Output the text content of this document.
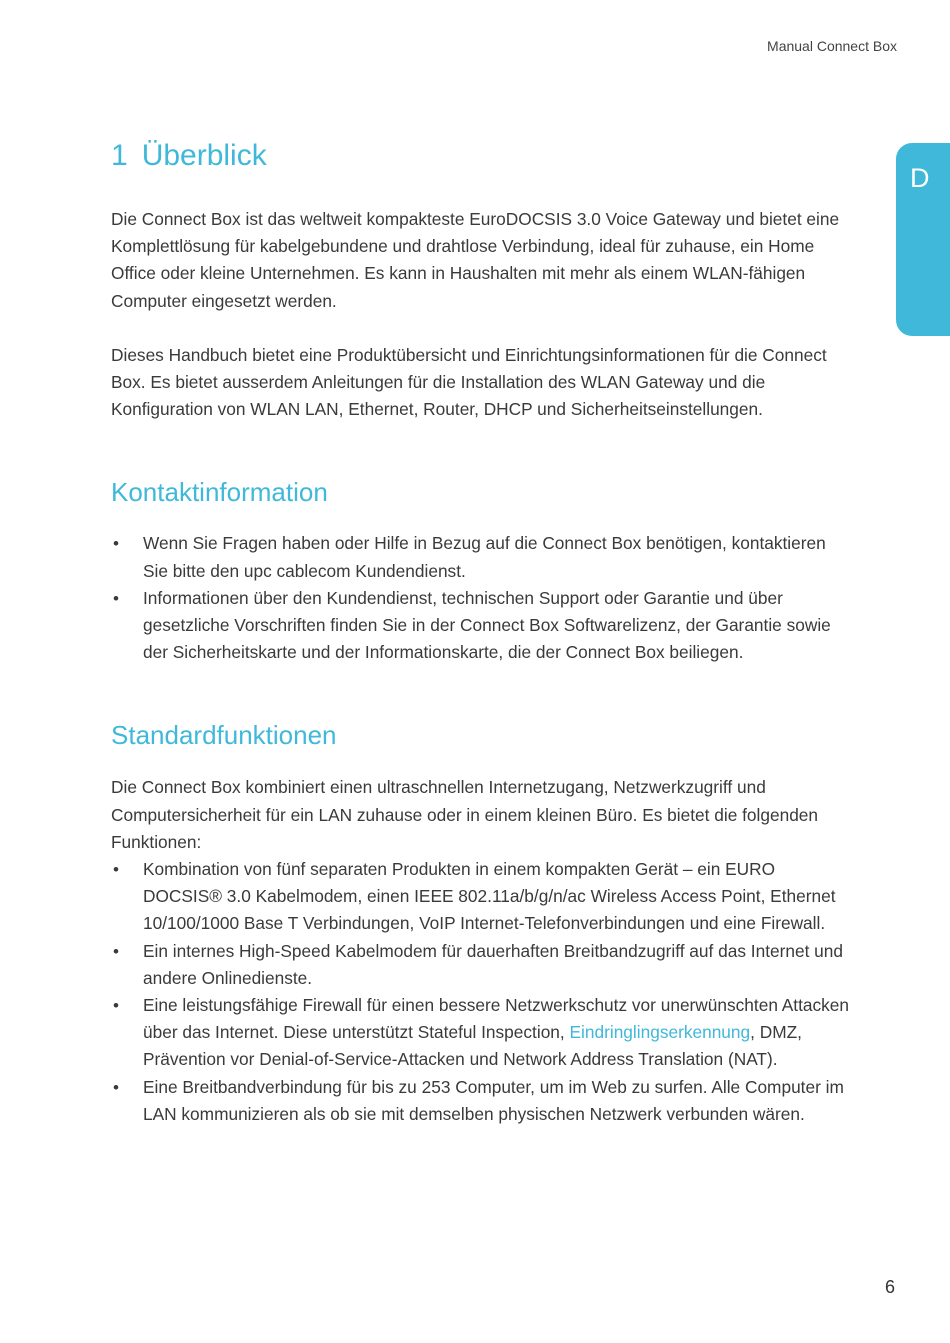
Manual Connect Box
D
1 Überblick

Die Connect Box ist das weltweit kompakteste EuroDOCSIS 3.0 Voice Gateway und bietet eine Komplettlösung für kabelgebundene und drahtlose Verbindung, ideal für zuhause, ein Home Office oder kleine Unternehmen. Es kann in Haushalten mit mehr als einem WLAN-fähigen Computer eingesetzt werden.

Dieses Handbuch bietet eine Produktübersicht und Einrichtungsinformationen für die Connect Box. Es bietet ausserdem Anleitungen für die Installation des WLAN Gateway und die Konfiguration von WLAN LAN, Ethernet, Router, DHCP und Sicherheitseinstellungen.

Kontaktinformation
• Wenn Sie Fragen haben oder Hilfe in Bezug auf die Connect Box benötigen, kontaktieren Sie bitte den upc cablecom Kundendienst.
• Informationen über den Kundendienst, technischen Support oder Garantie und über gesetzliche Vorschriften finden Sie in der Connect Box Softwarelizenz, der Garantie sowie der Sicherheitskarte und der Informationskarte, die der Connect Box beiliegen.
Standardfunktionen

Die Connect Box kombiniert einen ultraschnellen Internetzugang, Netzwerkzugriff und Computersicherheit für ein LAN zuhause oder in einem kleinen Büro. Es bietet die folgenden Funktionen:

• Kombination von fünf separaten Produkten in einem kompakten Gerät – ein EURO DOCSIS® 3.0 Kabelmodem, einen IEEE 802.11a/b/g/n/ac Wireless Access Point, Ethernet 10/100/1000 Base T Verbindungen, VoIP Internet-Telefonverbindungen und eine Firewall.
• Ein internes High-Speed Kabelmodem für dauerhaften Breitbandzugriff auf das Internet und andere Onlinedienste.
• Eine leistungsfähige Firewall für einen bessere Netzwerkschutz vor unerwünschten Attacken über das Internet. Diese unterstützt Stateful Inspection, Eindringlingserkennung, DMZ, Prävention vor Denial-of-Service-Attacken und Network Address Translation (NAT).
• Eine Breitbandverbindung für bis zu 253 Computer, um im Web zu surfen. Alle Computer im LAN kommunizieren als ob sie mit demselben physischen Netzwerk verbunden wären.
6
